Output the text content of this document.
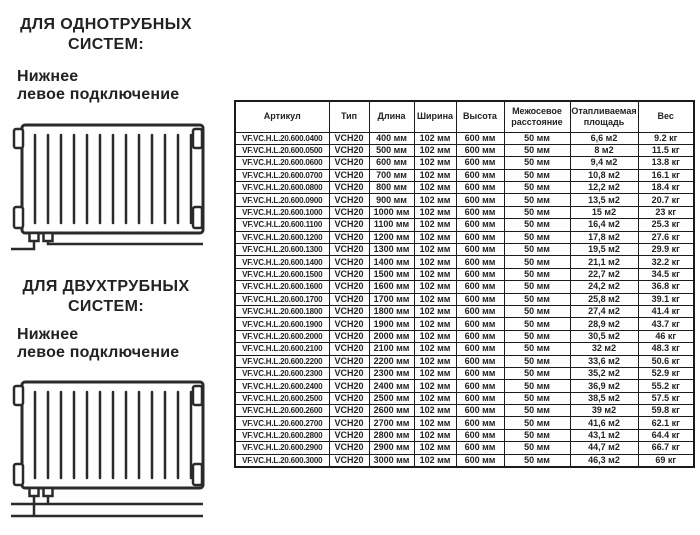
ДЛЯ ОДНОТРУБНЫХ
СИСТЕМ:
Нижнее
левое подключение
ДЛЯ ДВУХТРУБНЫХ
СИСТЕМ:
Нижнее
левое подключение
Артикул	Тип	Длина	Ширина	Высота	Межосевое расстояние	Отапливаемая площадь	Вес
VF.VC.H.L.20.600.0400	VCH20	400 мм	102 мм	600 мм	50 мм	6,6 м2	9.2 кг
VF.VC.H.L.20.600.0500	VCH20	500 мм	102 мм	600 мм	50 мм	8 м2	11.5 кг
VF.VC.H.L.20.600.0600	VCH20	600 мм	102 мм	600 мм	50 мм	9,4 м2	13.8 кг
VF.VC.H.L.20.600.0700	VCH20	700 мм	102 мм	600 мм	50 мм	10,8 м2	16.1 кг
VF.VC.H.L.20.600.0800	VCH20	800 мм	102 мм	600 мм	50 мм	12,2 м2	18.4 кг
VF.VC.H.L.20.600.0900	VCH20	900 мм	102 мм	600 мм	50 мм	13,5 м2	20.7 кг
VF.VC.H.L.20.600.1000	VCH20	1000 мм	102 мм	600 мм	50 мм	15 м2	23 кг
VF.VC.H.L.20.600.1100	VCH20	1100 мм	102 мм	600 мм	50 мм	16,4 м2	25.3 кг
VF.VC.H.L.20.600.1200	VCH20	1200 мм	102 мм	600 мм	50 мм	17,8 м2	27.6 кг
VF.VC.H.L.20.600.1300	VCH20	1300 мм	102 мм	600 мм	50 мм	19,5 м2	29.9 кг
VF.VC.H.L.20.600.1400	VCH20	1400 мм	102 мм	600 мм	50 мм	21,1 м2	32.2 кг
VF.VC.H.L.20.600.1500	VCH20	1500 мм	102 мм	600 мм	50 мм	22,7 м2	34.5 кг
VF.VC.H.L.20.600.1600	VCH20	1600 мм	102 мм	600 мм	50 мм	24,2 м2	36.8 кг
VF.VC.H.L.20.600.1700	VCH20	1700 мм	102 мм	600 мм	50 мм	25,8 м2	39.1 кг
VF.VC.H.L.20.600.1800	VCH20	1800 мм	102 мм	600 мм	50 мм	27,4 м2	41.4 кг
VF.VC.H.L.20.600.1900	VCH20	1900 мм	102 мм	600 мм	50 мм	28,9 м2	43.7 кг
VF.VC.H.L.20.600.2000	VCH20	2000 мм	102 мм	600 мм	50 мм	30,5 м2	46 кг
VF.VC.H.L.20.600.2100	VCH20	2100 мм	102 мм	600 мм	50 мм	32 м2	48.3 кг
VF.VC.H.L.20.600.2200	VCH20	2200 мм	102 мм	600 мм	50 мм	33,6 м2	50.6 кг
VF.VC.H.L.20.600.2300	VCH20	2300 мм	102 мм	600 мм	50 мм	35,2 м2	52.9 кг
VF.VC.H.L.20.600.2400	VCH20	2400 мм	102 мм	600 мм	50 мм	36,9 м2	55.2 кг
VF.VC.H.L.20.600.2500	VCH20	2500 мм	102 мм	600 мм	50 мм	38,5 м2	57.5 кг
VF.VC.H.L.20.600.2600	VCH20	2600 мм	102 мм	600 мм	50 мм	39 м2	59.8 кг
VF.VC.H.L.20.600.2700	VCH20	2700 мм	102 мм	600 мм	50 мм	41,6 м2	62.1 кг
VF.VC.H.L.20.600.2800	VCH20	2800 мм	102 мм	600 мм	50 мм	43,1 м2	64.4 кг
VF.VC.H.L.20.600.2900	VCH20	2900 мм	102 мм	600 мм	50 мм	44,7 м2	66.7 кг
VF.VC.H.L.20.600.3000	VCH20	3000 мм	102 мм	600 мм	50 мм	46,3 м2	69 кг
